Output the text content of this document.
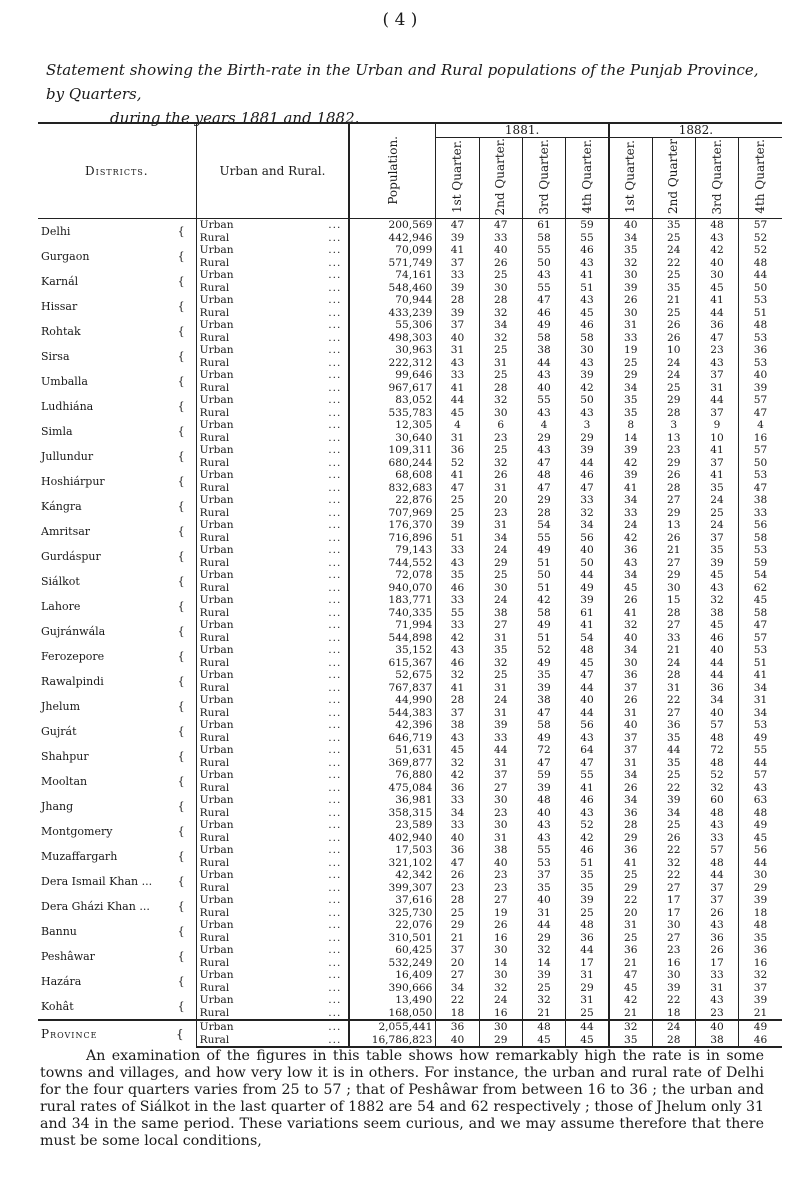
( 4 )
Statement showing the Birth-rate in the Urban and Rural populations of the Punjab Province, by Quarters,
during the years 1881 and 1882.
Districts.	Urban and Rural.	Population.	1881.				1882.			
			1st Quarter.	2nd Quarter.	3rd Quarter.	4th Quarter.	1st Quarter.	2nd Quarter	3rd Quarter.	4th Quarter.
Delhi {	Urban ...	200,569	47	47	61	59	40	35	48	57
	Rural ...	442,946	39	33	58	55	34	25	43	52
Gurgaon {	Urban ...	70,099	41	40	55	46	35	24	42	52
	Rural ...	571,749	37	26	50	43	32	22	40	48
Karnál {	Urban ...	74,161	33	25	43	41	30	25	30	44
	Rural ...	548,460	39	30	55	51	39	35	45	50
Hissar {	Urban ...	70,944	28	28	47	43	26	21	41	53
	Rural ...	433,239	39	32	46	45	30	25	44	51
Rohtak {	Urban ...	55,306	37	34	49	46	31	26	36	48
	Rural ...	498,303	40	32	58	58	33	26	47	53
Sirsa {	Urban ...	30,963	31	25	38	30	19	10	23	36
	Rural ...	222,312	43	31	44	43	25	24	43	53
Umballa {	Urban ...	99,646	33	25	43	39	29	24	37	40
	Rural ...	967,617	41	28	40	42	34	25	31	39
Ludhiána {	Urban ...	83,052	44	32	55	50	35	29	44	57
	Rural ...	535,783	45	30	43	43	35	28	37	47
Simla {	Urban ...	12,305	4	6	4	3	8	3	9	4
	Rural ...	30,640	31	23	29	29	14	13	10	16
Jullundur {	Urban ...	109,311	36	25	43	39	39	23	41	57
	Rural ...	680,244	52	32	47	44	42	29	37	50
Hoshiárpur {	Urban ...	68,608	41	26	48	46	39	26	41	53
	Rural ...	832,683	47	31	47	47	41	28	35	47
Kángra {	Urban ...	22,876	25	20	29	33	34	27	24	38
	Rural ...	707,969	25	23	28	32	33	29	25	33
Amritsar {	Urban ...	176,370	39	31	54	34	24	13	24	56
	Rural ...	716,896	51	34	55	56	42	26	37	58
Gurdáspur {	Urban ...	79,143	33	24	49	40	36	21	35	53
	Rural ...	744,552	43	29	51	50	43	27	39	59
Siálkot {	Urban ...	72,078	35	25	50	44	34	29	45	54
	Rural ...	940,070	46	30	51	49	45	30	43	62
Lahore {	Urban ...	183,771	33	24	42	39	26	15	32	45
	Rural ...	740,335	55	38	58	61	41	28	38	58
Gujránwála {	Urban ...	71,994	33	27	49	41	32	27	45	47
	Rural ...	544,898	42	31	51	54	40	33	46	57
Ferozepore {	Urban ...	35,152	43	35	52	48	34	21	40	53
	Rural ...	615,367	46	32	49	45	30	24	44	51
Rawalpindi {	Urban ...	52,675	32	25	35	47	36	28	44	41
	Rural ...	767,837	41	31	39	44	37	31	36	34
Jhelum {	Urban ...	44,990	28	24	38	40	26	22	34	31
	Rural ...	544,383	37	31	47	44	31	27	40	34
Gujrát {	Urban ...	42,396	38	39	58	56	40	36	57	53
	Rural ...	646,719	43	33	49	43	37	35	48	49
Shahpur {	Urban ...	51,631	45	44	72	64	37	44	72	55
	Rural ...	369,877	32	31	47	47	31	35	48	44
Mooltan {	Urban ...	76,880	42	37	59	55	34	25	52	57
	Rural ...	475,084	36	27	39	41	26	22	32	43
Jhang {	Urban ...	36,981	33	30	48	46	34	39	60	63
	Rural ...	358,315	34	23	40	43	36	34	48	48
Montgomery {	Urban ...	23,589	33	30	43	52	28	25	43	49
	Rural ...	402,940	40	31	43	42	29	26	33	45
Muzaffargarh {	Urban ...	17,503	36	38	55	46	36	22	57	56
	Rural ...	321,102	47	40	53	51	41	32	48	44
Dera Ismail Khan ... {	Urban ...	42,342	26	23	37	35	25	22	44	30
	Rural ...	399,307	23	23	35	35	29	27	37	29
Dera Gházi Khan ... {	Urban ...	37,616	28	27	40	39	22	17	37	39
	Rural ...	325,730	25	19	31	25	20	17	26	18
Bannu {	Urban ...	22,076	29	26	44	48	31	30	43	48
	Rural ...	310,501	21	16	29	36	25	27	36	35
Peshâwar {	Urban ...	60,425	37	30	32	44	36	23	26	36
	Rural ...	532,249	20	14	14	17	21	16	17	16
Hazára {	Urban ...	16,409	27	30	39	31	47	30	33	32
	Rural ...	390,666	34	32	25	29	45	39	31	37
Kohât {	Urban ...	13,490	22	24	32	31	42	22	43	39
	Rural ...	168,050	18	16	21	25	21	18	23	21
Province {	Urban ...	2,055,441	36	30	48	44	32	24	40	49
	Rural ...	16,786,823	40	29	45	45	35	28	38	46
An examination of the figures in this table shows how remarkably high the rate is in some towns and villages, and how very low it is in others. For instance, the urban and rural rate of Delhi for the four quarters varies from 25 to 57 ; that of Peshâwar from between 16 to 36 ; the urban and rural rates of Siálkot in the last quarter of 1882 are 54 and 62 respectively ; those of Jhelum only 31 and 34 in the same period. These variations seem curious, and we may assume therefore that there must be some local conditions,
